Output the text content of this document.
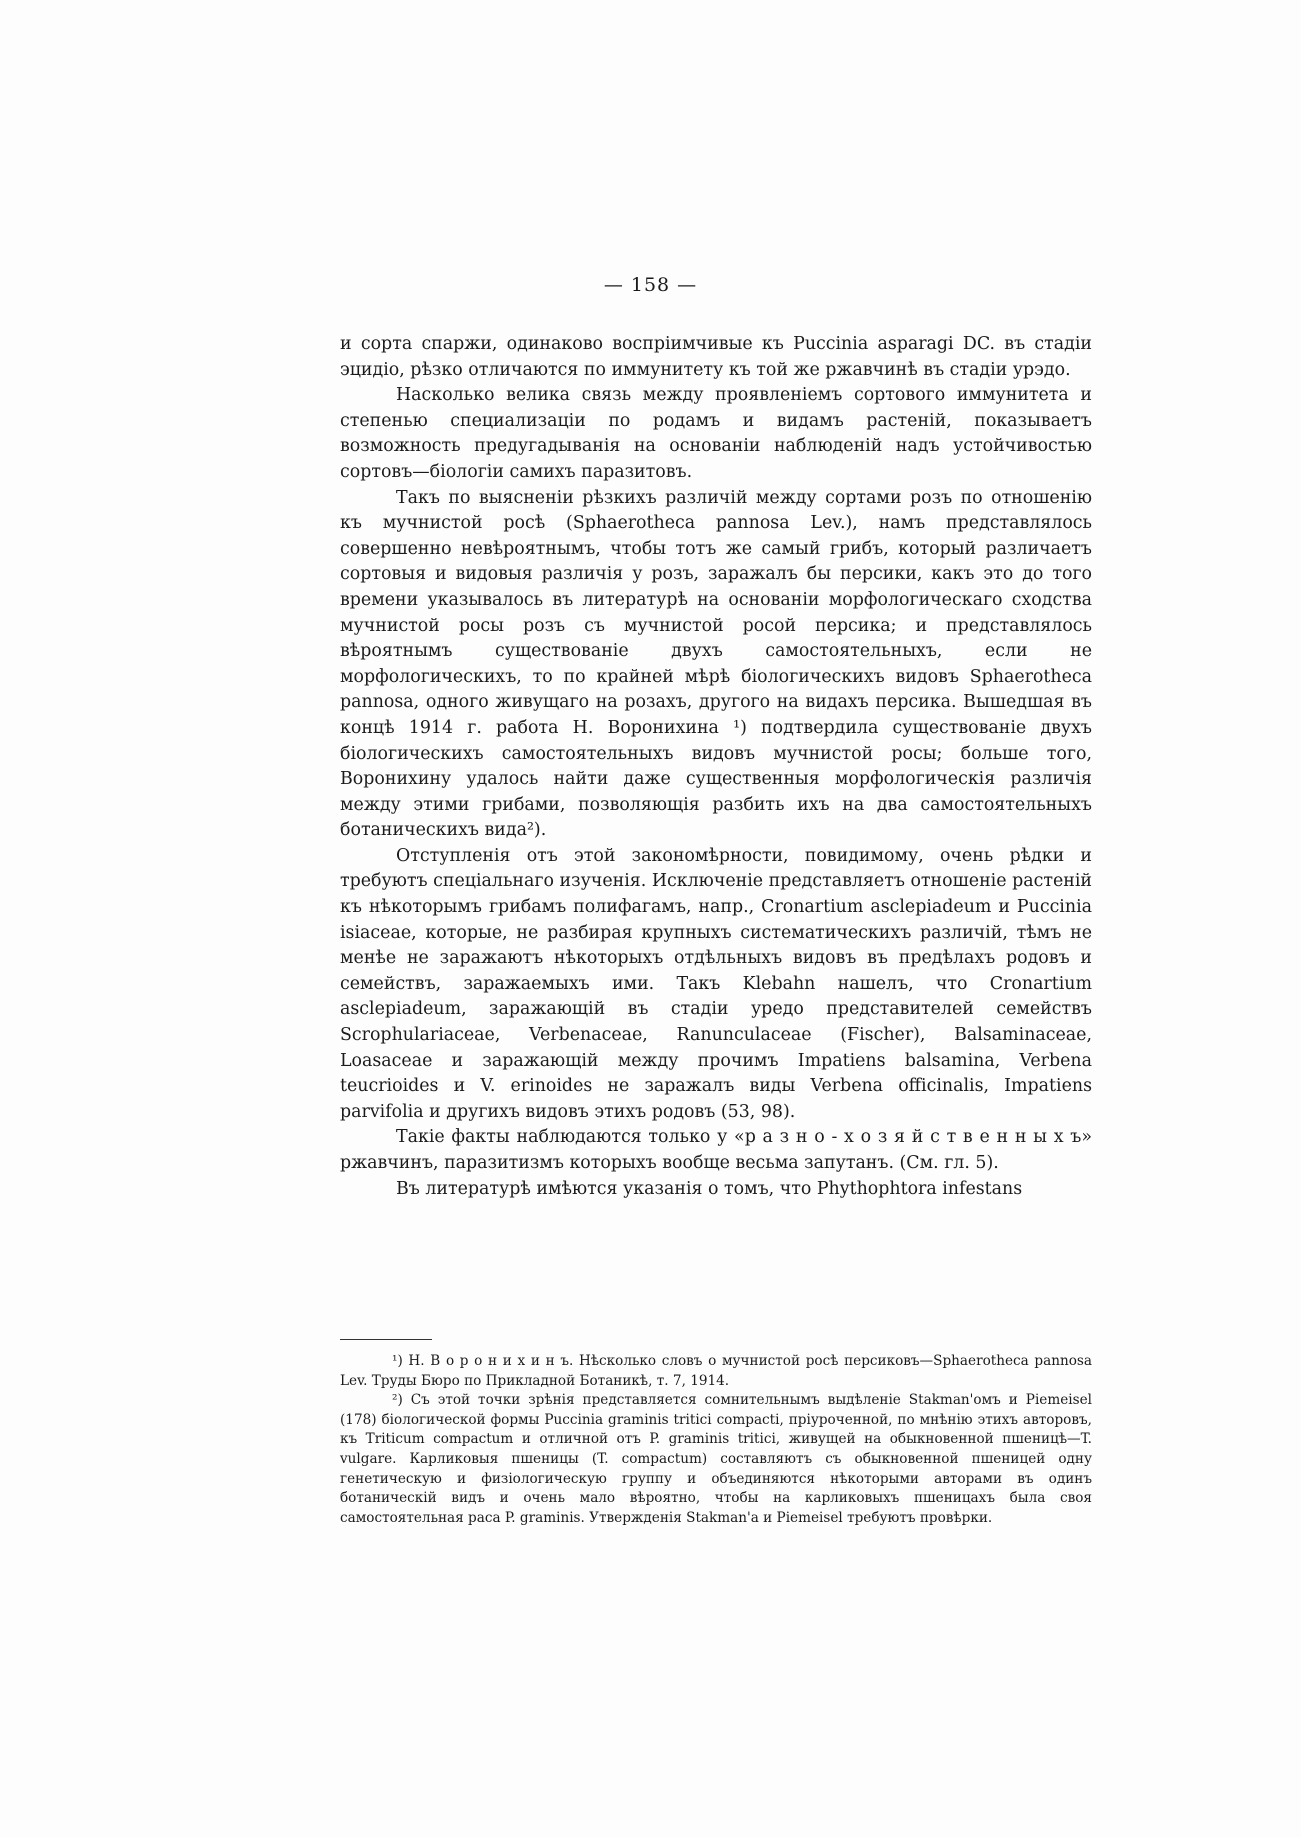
— 158 —

и сорта спаржи, одинаково воспріимчивые къ Puccinia asparagi DC. въ стадіи эцидіо, рѣзко отличаются по иммунитету къ той же ржавчинѣ въ стадіи урэдо.

Насколько велика связь между проявленіемъ сортового иммунитета и степенью специализаціи по родамъ и видамъ растеній, показываетъ возможность предугадыванія на основаніи наблюденій надъ устойчивостью сортовъ—біологіи самихъ паразитовъ.

Такъ по выясненіи рѣзкихъ различій между сортами розъ по отношенію къ мучнистой росѣ (Sphaerotheca pannosa Lev.), намъ представлялось совершенно невѣроятнымъ, чтобы тотъ же самый грибъ, который различаетъ сортовыя и видовыя различія у розъ, заражалъ бы персики, какъ это до того времени указывалось въ литературѣ на основаніи морфологическаго сходства мучнистой росы розъ съ мучнистой росой персика; и представлялось вѣроятнымъ существованіе двухъ самостоятельныхъ, если не морфологическихъ, то по крайней мѣрѣ біологическихъ видовъ Sphaerotheca pannosa, одного живущаго на розахъ, другого на видахъ персика. Вышедшая въ концѣ 1914 г. работа Н. Воронихина ¹) подтвердила существованіе двухъ біологическихъ самостоятельныхъ видовъ мучнистой росы; больше того, Воронихину удалось найти даже существенныя морфологическія различія между этими грибами, позволяющія разбить ихъ на два самостоятельныхъ ботаническихъ вида²).

Отступленія отъ этой закономѣрности, повидимому, очень рѣдки и требуютъ спеціальнаго изученія. Исключеніе представляетъ отношеніе растеній къ нѣкоторымъ грибамъ полифагамъ, напр., Cronartium asclepiadeum и Puccinia isiaceae, которые, не разбирая крупныхъ систематическихъ различій, тѣмъ не менѣе не заражаютъ нѣкоторыхъ отдѣльныхъ видовъ въ предѣлахъ родовъ и семействъ, заражаемыхъ ими. Такъ Klebahn нашелъ, что Cronartium asclepiadeum, заражающій въ стадіи уредо представителей семействъ Scrophulariaceae, Verbenaceae, Ranunculaceae (Fischer), Balsaminaceae, Loasaceae и заражающій между прочимъ Impatiens balsamina, Verbena teucrioides и V. erinoides не заражалъ виды Verbena officinalis, Impatiens parvifolia и другихъ видовъ этихъ родовъ (53, 98).

Такіе факты наблюдаются только у «р а з н о - х о з я й с т в е н н ы х ъ» ржавчинъ, паразитизмъ которыхъ вообще весьма запутанъ. (См. гл. 5).

Въ литературѣ имѣются указанія о томъ, что Phythophtora infestans

¹) Н. В о р о н и х и н ъ. Нѣсколько словъ о мучнистой росѣ персиковъ—Sphaerotheca pannosa Lev. Труды Бюро по Прикладной Ботаникѣ, т. 7, 1914.

²) Съ этой точки зрѣнія представляется сомнительнымъ выдѣленіе Stakman'омъ и Piemeisel (178) біологической формы Puccinia graminis tritici compacti, пріуроченной, по мнѣнію этихъ авторовъ, къ Triticum compactum и отличной отъ P. graminis tritici, живущей на обыкновенной пшеницѣ—T. vulgare. Карликовыя пшеницы (T. compactum) составляютъ съ обыкновенной пшеницей одну генетическую и физіологическую группу и объединяются нѣкоторыми авторами въ одинъ ботаническій видъ и очень мало вѣроятно, чтобы на карликовыхъ пшеницахъ была своя самостоятельная раса P. graminis. Утвержденія Stakman'a и Piemeisel требуютъ провѣрки.
